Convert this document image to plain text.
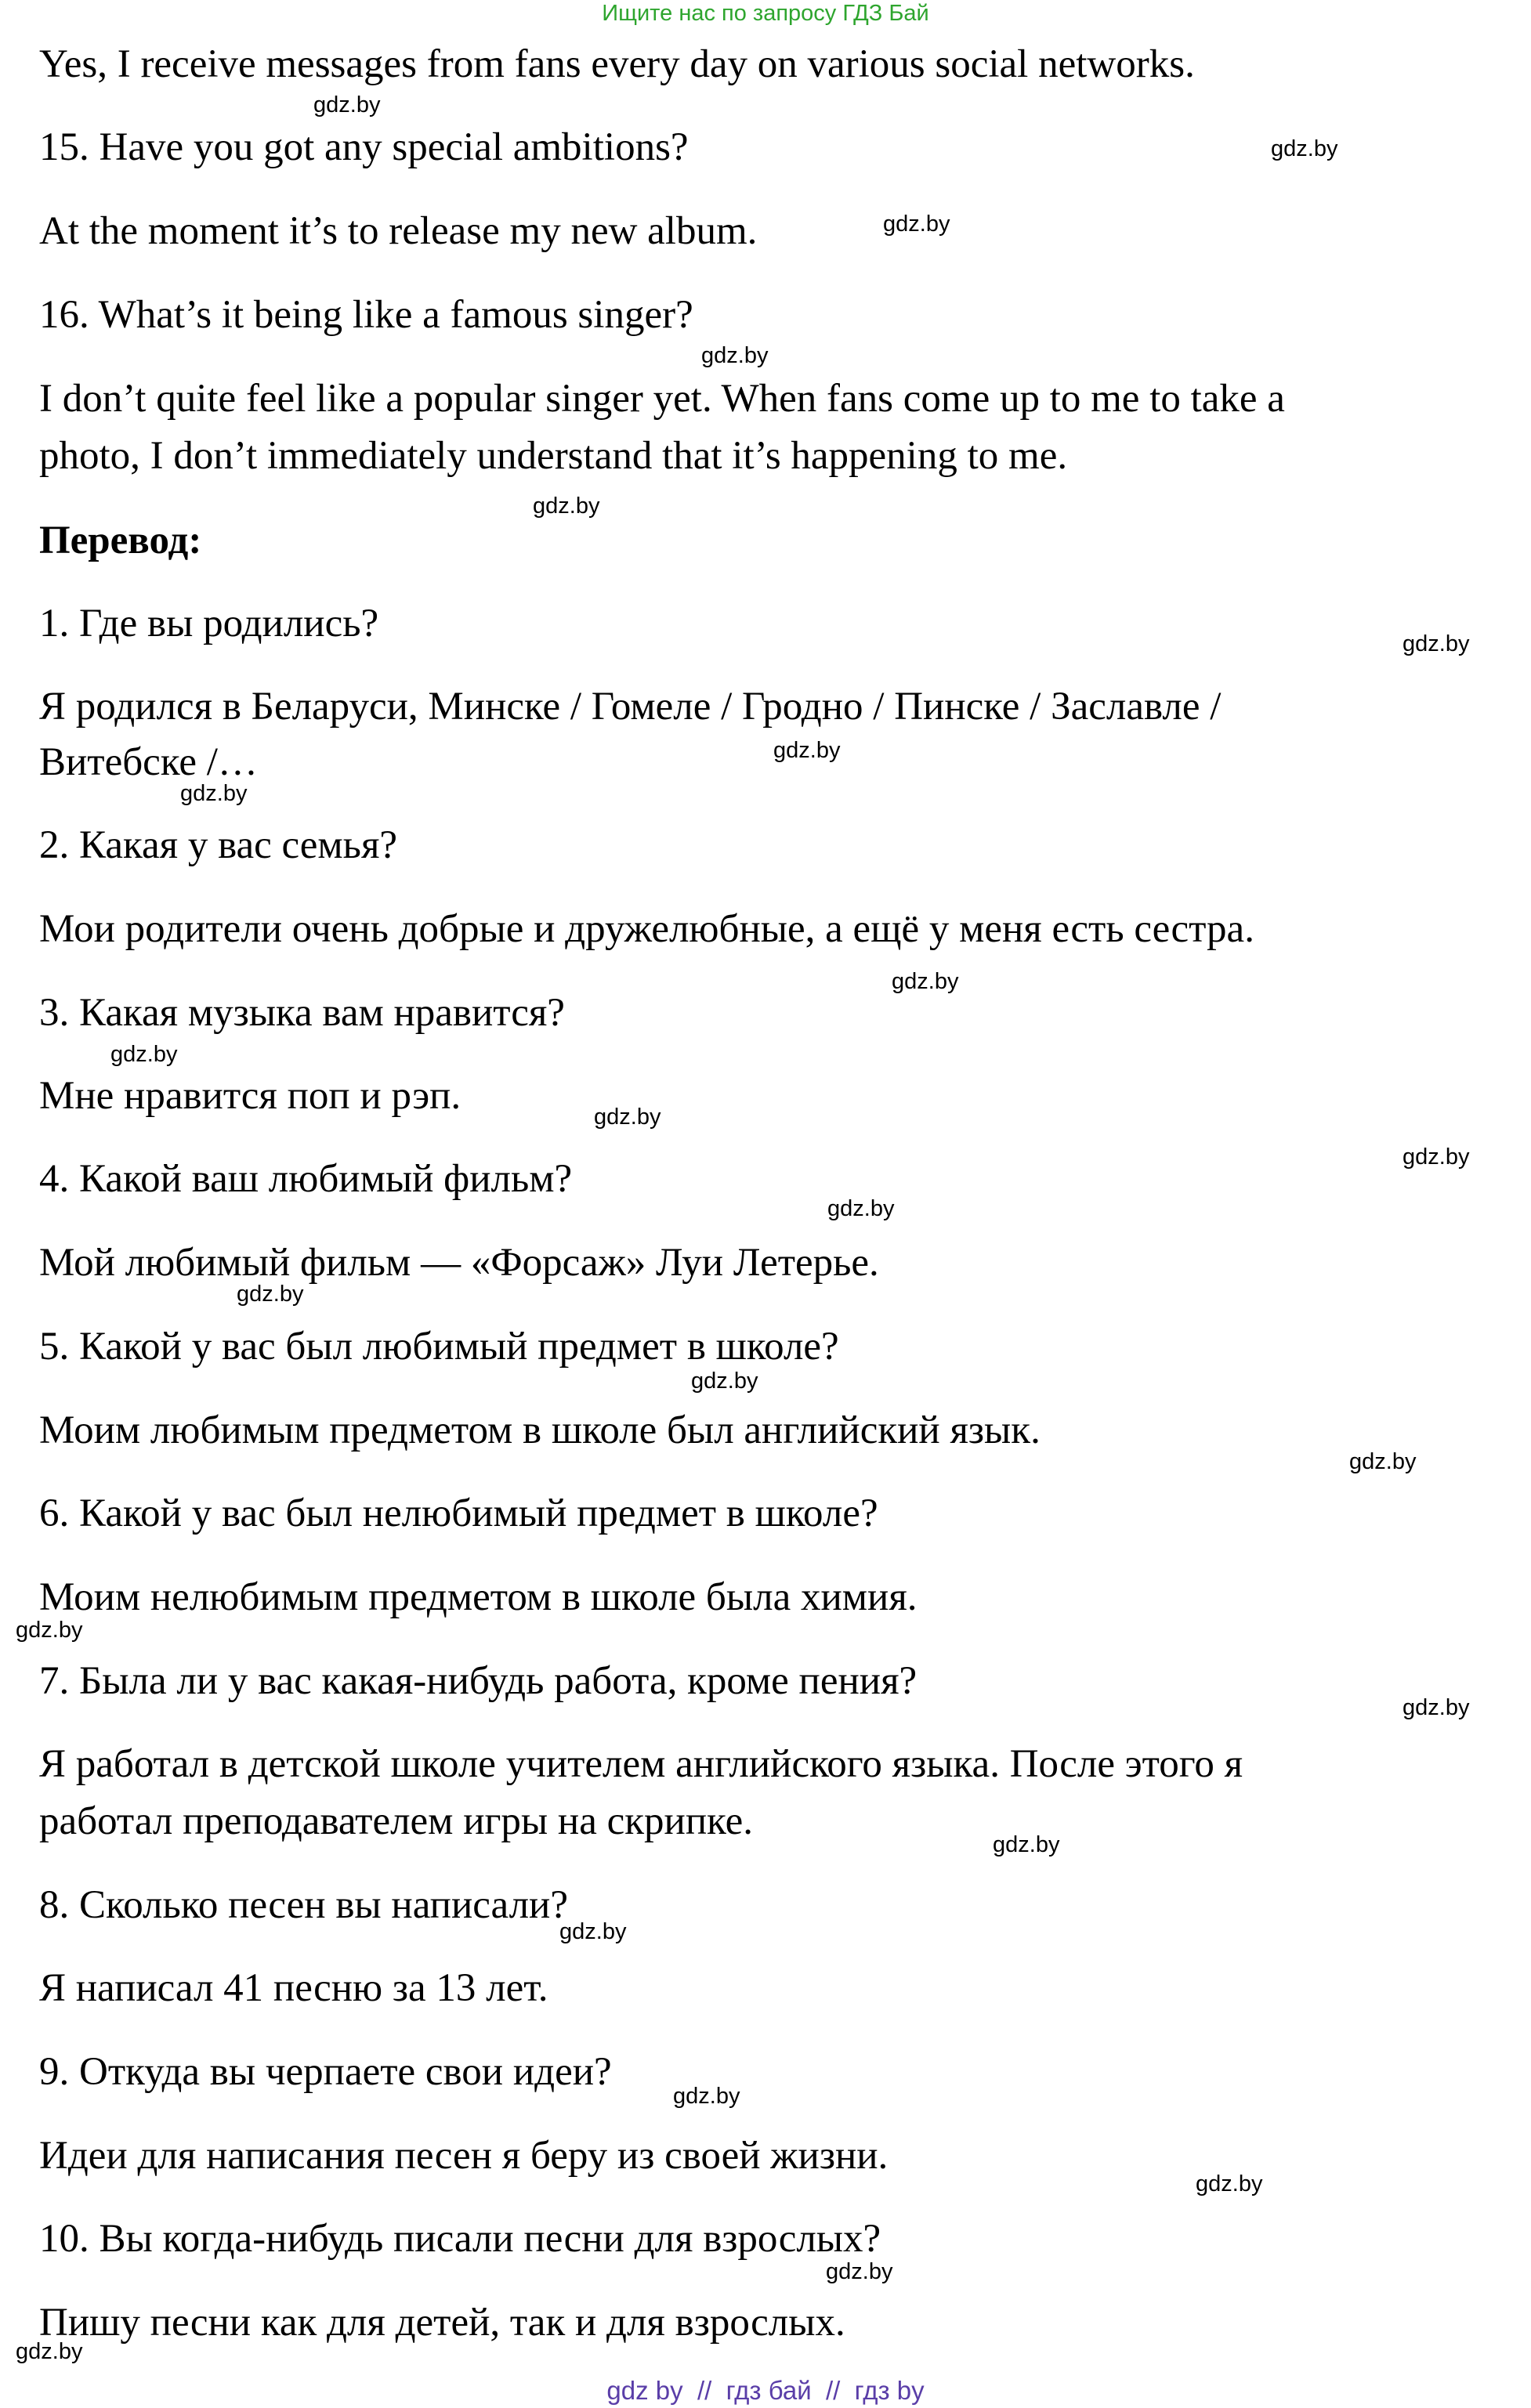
Ищите нас по запросу ГДЗ Бай
Yes, I receive messages from fans every day on various social networks.
15. Have you got any special ambitions?
At the moment it’s to release my new album.
16. What’s it being like a famous singer?
I don’t quite feel like a popular singer yet. When fans come up to me to take a
photo, I don’t immediately understand that it’s happening to me.
Перевод:
1. Где вы родились?
Я родился в Беларуси, Минске / Гомеле / Гродно / Пинске / Заславле /
Витебске /…
2. Какая у вас семья?
Мои родители очень добрые и дружелюбные, а ещё у меня есть сестра.
3. Какая музыка вам нравится?
Мне нравится поп и рэп.
4. Какой ваш любимый фильм?
Мой любимый фильм — «Форсаж» Луи Летерье.
5. Какой у вас был любимый предмет в школе?
Моим любимым предметом в школе был английский язык.
6. Какой у вас был нелюбимый предмет в школе?
Моим нелюбимым предметом в школе была химия.
7. Была ли у вас какая-нибудь работа, кроме пения?
Я работал в детской школе учителем английского языка. После этого я
работал преподавателем игры на скрипке.
8. Сколько песен вы написали?
Я написал 41 песню за 13 лет.
9. Откуда вы черпаете свои идеи?
Идеи для написания песен я беру из своей жизни.
10. Вы когда-нибудь писали песни для взрослых?
Пишу песни как для детей, так и для взрослых.
gdz.by
gdz.by
gdz.by
gdz.by
gdz.by
gdz.by
gdz.by
gdz.by
gdz.by
gdz.by
gdz.by
gdz.by
gdz.by
gdz.by
gdz.by
gdz.by
gdz.by
gdz.by
gdz.by
gdz.by
gdz.by
gdz.by
gdz.by
gdz.by
gdz by  //  гдз бай  //  гдз by
